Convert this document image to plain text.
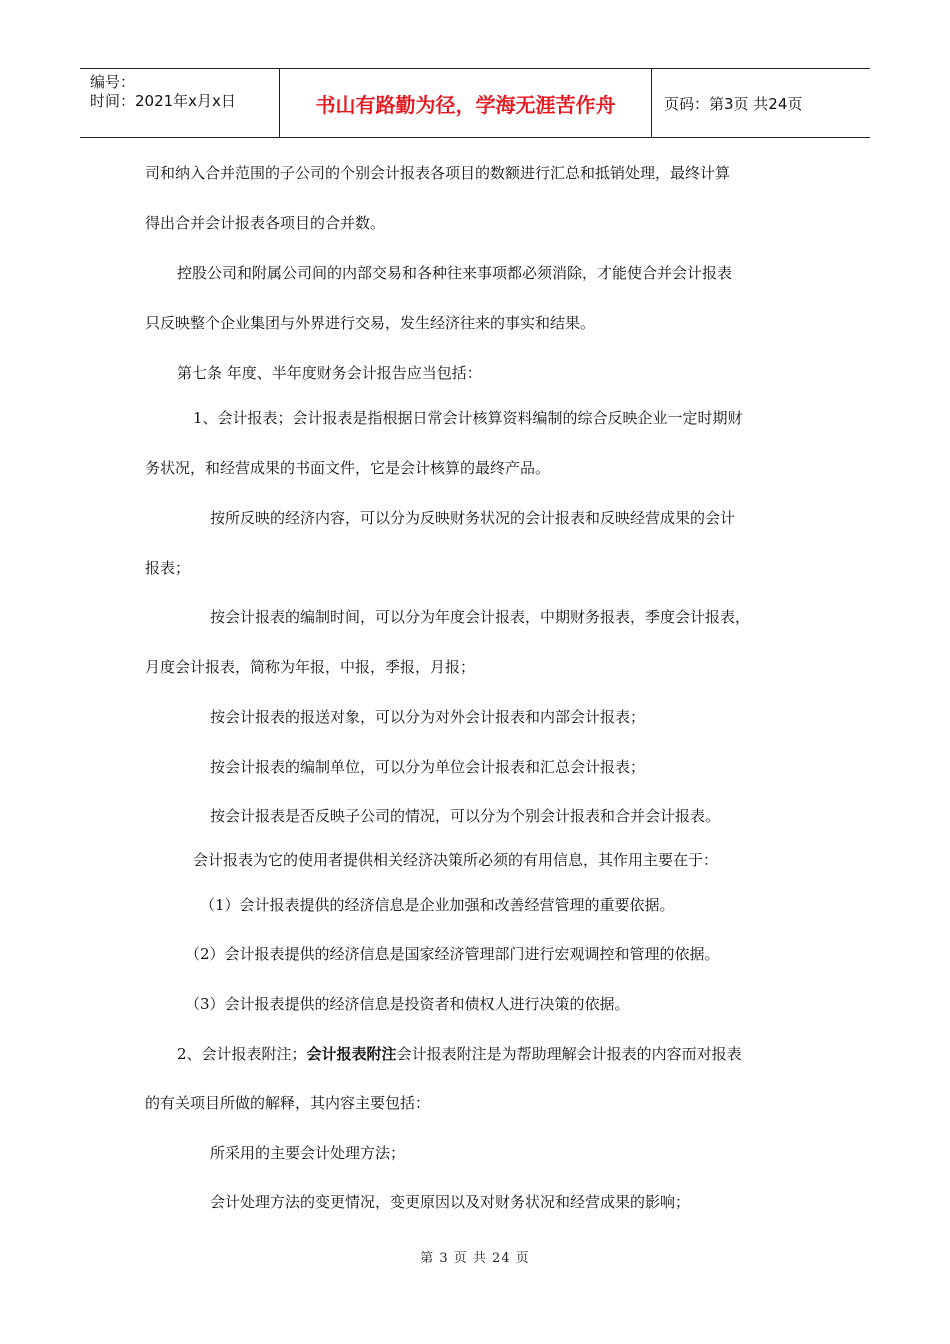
编号：
时间：2021年x月x日	书山有路勤为径，学海无涯苦作舟	页码：第3页 共24页
司和纳入合并范围的子公司的个别会计报表各项目的数额进行汇总和抵销处理，最终计算
得出合并会计报表各项目的合并数。
控股公司和附属公司间的内部交易和各种往来事项都必须消除，才能使合并会计报表
只反映整个企业集团与外界进行交易，发生经济往来的事实和结果。
第七条 年度、半年度财务会计报告应当包括：
1、会计报表；会计报表是指根据日常会计核算资料编制的综合反映企业一定时期财
务状况，和经营成果的书面文件，它是会计核算的最终产品。
按所反映的经济内容，可以分为反映财务状况的会计报表和反映经营成果的会计
报表；
按会计报表的编制时间，可以分为年度会计报表，中期财务报表，季度会计报表，
月度会计报表，简称为年报，中报，季报，月报；
按会计报表的报送对象，可以分为对外会计报表和内部会计报表；
按会计报表的编制单位，可以分为单位会计报表和汇总会计报表；
按会计报表是否反映子公司的情况，可以分为个别会计报表和合并会计报表。
会计报表为它的使用者提供相关经济决策所必须的有用信息，其作用主要在于：
（1）会计报表提供的经济信息是企业加强和改善经营管理的重要依据。
（2）会计报表提供的经济信息是国家经济管理部门进行宏观调控和管理的依据。
（3）会计报表提供的经济信息是投资者和债权人进行决策的依据。
2、会计报表附注；会计报表附注会计报表附注是为帮助理解会计报表的内容而对报表
的有关项目所做的解释，其内容主要包括：
所采用的主要会计处理方法；
会计处理方法的变更情况，变更原因以及对财务状况和经营成果的影响；
第 3 页 共 24 页
